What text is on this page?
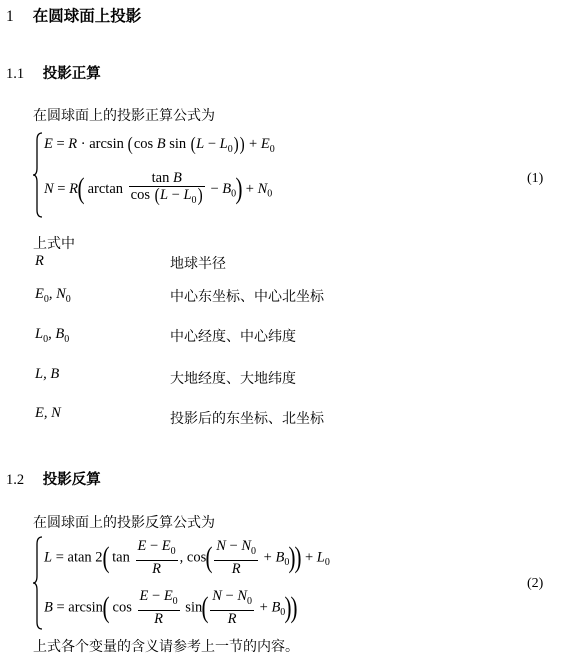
1 在圆球面上投影
1.1 投影正算
在圆球面上的投影正算公式为
E = R · arcsin (cos B $\sin (L - L_0)) + E_0$
N = R( $\arctan \frac{\text{tan B}}{\cos (L - L_0)} - B_0) + N_0$
(1)
上式中
R	地球半径
$E_0$, $N_0$	中心东坐标、中心北坐标
$L_0$, $B_0$	中心经度、中心纬度
L, B	大地经度、大地纬度
E, N	投影后的东坐标、北坐标
1.2 投影反算
在圆球面上的投影反算公式为
L = atan 2( $\tan \frac{E - E_0}{R}$ , $\cos( \frac{N - N_0}{R} + B_0)) + L_0$
B = arcsin( $\cos \frac{E - E_0}{R} \sin( \frac{N - N_0}{R} + B_0)$)
(2)
上式各个变量的含义请参考上一节的内容。
